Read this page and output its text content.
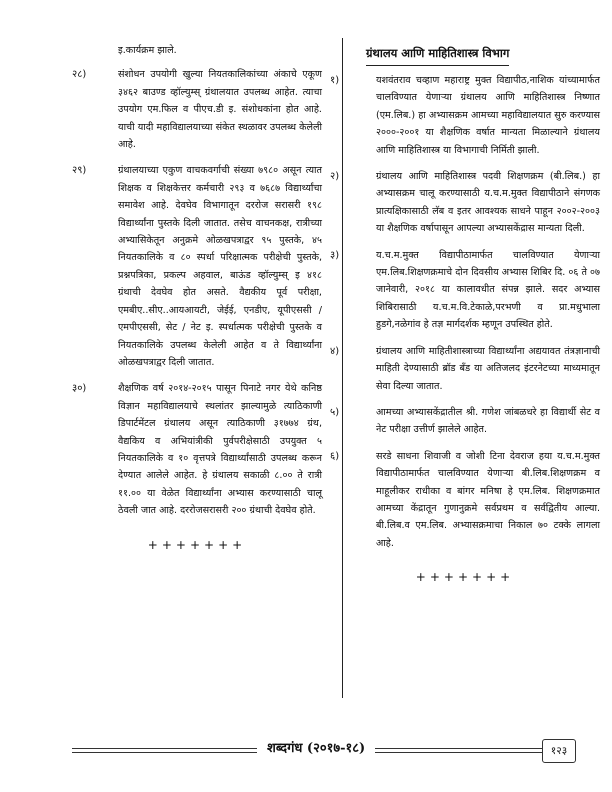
इ.कार्यक्रम झाले.
२८)	संशोधन उपयोगी खुल्या नियतकालिकांच्या अंकाचे एकूण ३४६२ बाउण्ड व्हॉल्युम्स् ग्रंथालयात उपलब्ध आहेत. त्याचा उपयोग एम.फिल व पीएच.डी इ. संशोधकांना होत आहे. याची यादी महाविद्यालयाच्या संकेत स्थळावर उपलब्ध केलेली आहे.
२९)	ग्रंथालयाच्या एकुण वाचकवर्गाची संख्या ७९८० असून त्यात शिक्षक व शिक्षकेत्तर कर्मचारी २९३ व ७६८७ विद्यार्थ्यांचा समावेश आहे. देवघेव विभागातून दररोज सरासरी १९८ विद्यार्थ्यांना पुस्तके दिली जातात. तसेच वाचनकक्ष, रात्रीच्या अभ्यासिकेतून अनुक्रमे ओळखपत्राद्वर ९५ पुस्तके, ४५ नियतकालिके व ८० स्पर्धा परिक्षात्मक परीक्षेची पुस्तके, प्रश्नपत्रिका, प्रकल्प अहवाल, बाऊंड व्हॉल्युम्स् इ ४१८ ग्रंथाची देवघेव होत असते. वैद्यकीय पूर्व परीक्षा, एमबीए..सीए..आयआयटी, जेईई, एनडीए, यूपीएससी /एमपीएससी, सेट / नेट इ. स्पर्धात्मक परीक्षेची पुस्तके व नियतकालिके उपलब्ध केलेली आहेत व ते विद्यार्थ्यांना ओळखपत्राद्वर दिली जातात.
३०)	शैक्षणिक वर्ष २०१४-२०१५ पासून पिनाटे नगर येथे कनिष्ठ विज्ञान महाविद्यालयाचे स्थलांतर झाल्यामुळे त्याठिकाणी डिपार्टमेंटल ग्रंथालय असून त्याठिकाणी ३१७७४ ग्रंथ, वैद्यकिय व अभियांत्रीकी पुर्वपरीक्षेसाठी उपयुक्त ५ नियतकालिके व १० वृत्तपत्रे विद्यार्थ्यांसाठी उपलब्ध करून देण्यात आलेले आहेत. हे ग्रंथालय सकाळी ८.०० ते रात्री ११.०० या वेळेत विद्यार्थ्यांना अभ्यास करण्यासाठी चालू ठेवली जात आहे. दररोजसरासरी २०० ग्रंथाची देवघेव होते.
+++++++
ग्रंथालय आणि माहितिशास्त्र विभाग
१)	यशवंतराव चव्हाण महाराष्ट्र मुक्त विद्यापीठ,नाशिक यांच्यामार्फत चालविण्यात येणाऱ्या ग्रंथालय आणि माहितिशास्त्र निष्णात (एम.लिब.) हा अभ्यासक्रम आमच्या महाविद्यालयात सुरु करण्यास २०००-२००१ या शैक्षणिक वर्षात मान्यता मिळाल्याने ग्रंथालय आणि माहितिशास्त्र या विभागाची निर्मिती झाली.
२)	ग्रंथालय आणि माहितिशास्त्र पदवी शिक्षणक्रम (बी.लिब.) हा अभ्यासक्रम चालू करण्यासाठी य.च.म.मुक्त विद्यापीठाने संगणक प्रात्यक्षिकासाठी लॅब व इतर आवश्यक साधने पाहून २००२-२००३ या शैक्षणिक वर्षापासून आपल्या अभ्यासकेंद्रास मान्यता दिली.
३)	य.च.म.मुक्त विद्यापीठामार्फत चालविण्यात येणाऱ्या एम.लिब.शिक्षणक्रमाचे दोन दिवसीय अभ्यास शिबिर दि. ०६ ते ०७ जानेवारी, २०१८ या कालावधीत संपन्न झाले. सदर अभ्यास शिबिरासाठी य.च.म.वि.टेकाळे,परभणी व प्रा.मधुभाला हुडगे,नळेगांव हे तज्ञ मार्गदर्शक म्हणून उपस्थित होते.
४)	ग्रंथालय आणि माहितीशास्त्राच्या विद्यार्थ्यांना अद्ययावत तंत्रज्ञानाची माहिती देण्यासाठी ब्रॉड बँड या अतिजलद इंटरनेटच्या माध्यमातून सेवा दिल्या जातात.
५)	आमच्या अभ्यासकेंद्रातील श्री. गणेश जांबळधरे हा विद्यार्थी सेट व नेट परीक्षा उत्तीर्ण झालेले आहेत.
६)	सरडे साधना शिवाजी व जोशी टिना देवराज हया य.च.म.मुक्त विद्यापीठामार्फत चालविण्यात येणाऱ्या बी.लिब.शिक्षणक्रम व माहूलीकर राधीका व बांगर मनिषा हे एम.लिब. शिक्षणक्रमात आमच्या केंद्रातून गुणानुक्रमे सर्वप्रथम व सर्वद्वितीय आल्या. बी.लिब.व एम.लिब. अभ्यासक्रमाचा निकाल ७० टक्के लागला आहे.
+++++++
शब्दगंध (२०१७-१८)	१२३
